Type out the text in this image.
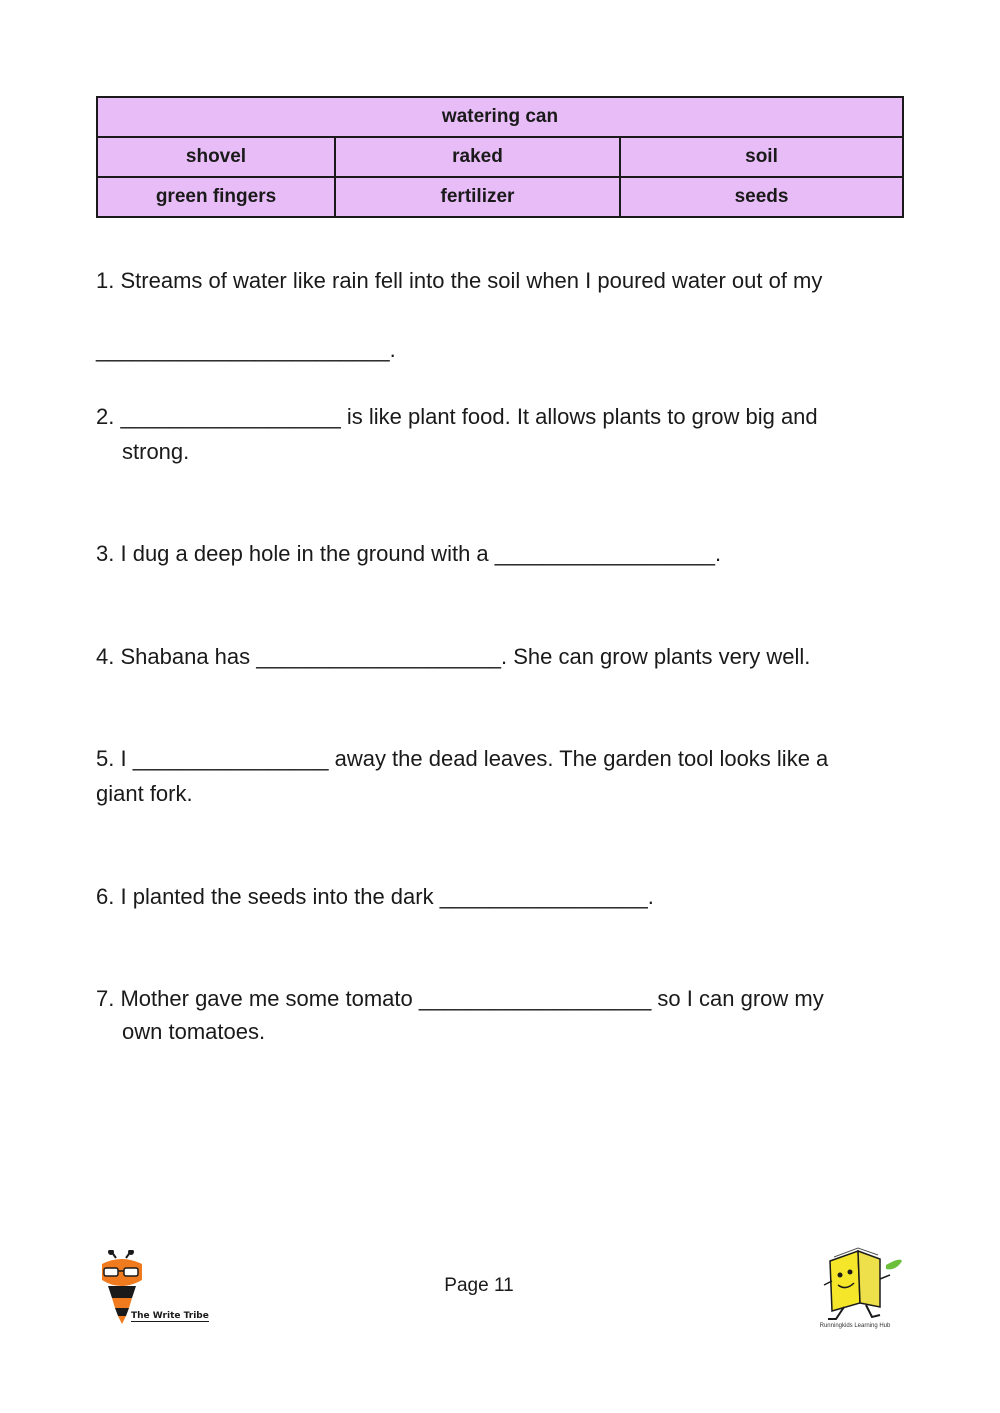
watering can		
shovel	raked	soil
green fingers	fertilizer	seeds

1. Streams of water like rain fell into the soil when I poured water out of my

________________________.

2. __________________ is like plant food. It allows plants to grow big and
strong.

3. I dug a deep hole in the ground with a __________________.

4. Shabana has ____________________. She can grow plants very well.

5. I ________________ away the dead leaves. The garden tool looks like a
giant fork.

6. I planted the seeds into the dark _________________.

7. Mother gave me some tomato ___________________ so I can grow my
own tomatoes.

The Write Tribe
Page 11
Runningkids Learning Hub
